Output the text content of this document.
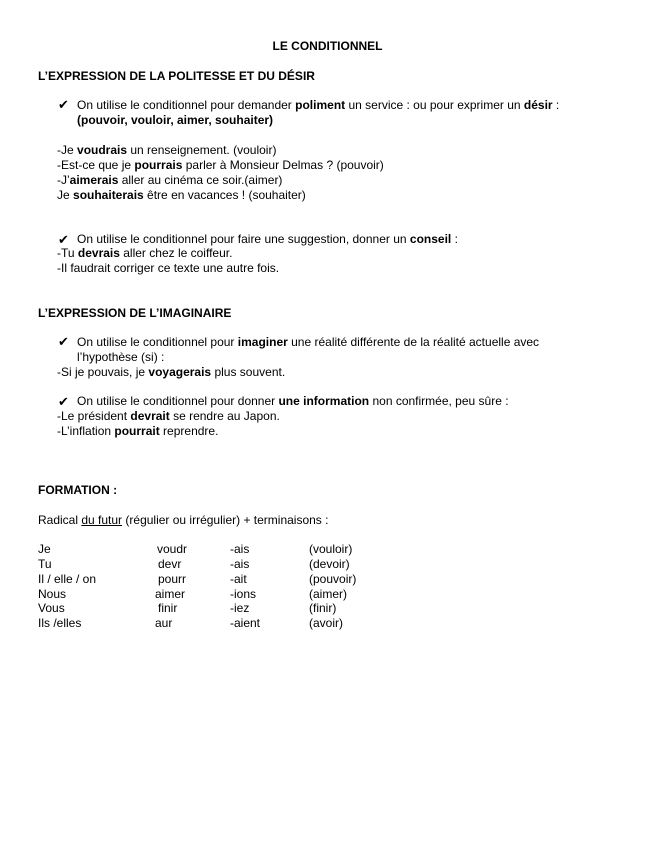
LE CONDITIONNEL
L’EXPRESSION DE LA POLITESSE ET DU DÉSIR
✔ On utilise le conditionnel pour demander poliment un service : ou pour exprimer un désir :
(pouvoir, vouloir, aimer, souhaiter)
-Je voudrais un renseignement. (vouloir)
-Est-ce que je pourrais parler à Monsieur Delmas ? (pouvoir)
-J’aimerais aller au cinéma ce soir.(aimer)
Je souhaiterais être en vacances ! (souhaiter)
✔ On utilise le conditionnel pour faire une suggestion, donner un conseil :
-Tu devrais aller chez le coiffeur.
-Il faudrait corriger ce texte une autre fois.
L’EXPRESSION DE L’IMAGINAIRE
✔ On utilise le conditionnel pour imaginer une réalité différente de la réalité actuelle avec
l’hypothèse (si) :
-Si je pouvais, je voyagerais plus souvent.
✔ On utilise le conditionnel pour donner une information non confirmée, peu sûre :
-Le président devrait se rendre au Japon.
-L’inflation pourrait reprendre.
FORMATION :
Radical du futur (régulier ou irrégulier) + terminaisons :
Je	voudr	-ais	(vouloir)
Tu	devr	-ais	(devoir)
Il / elle / on	pourr	-ait	(pouvoir)
Nous	aimer	-ions	(aimer)
Vous	finir	-iez	(finir)
Ils /elles	aur	-aient	(avoir)
